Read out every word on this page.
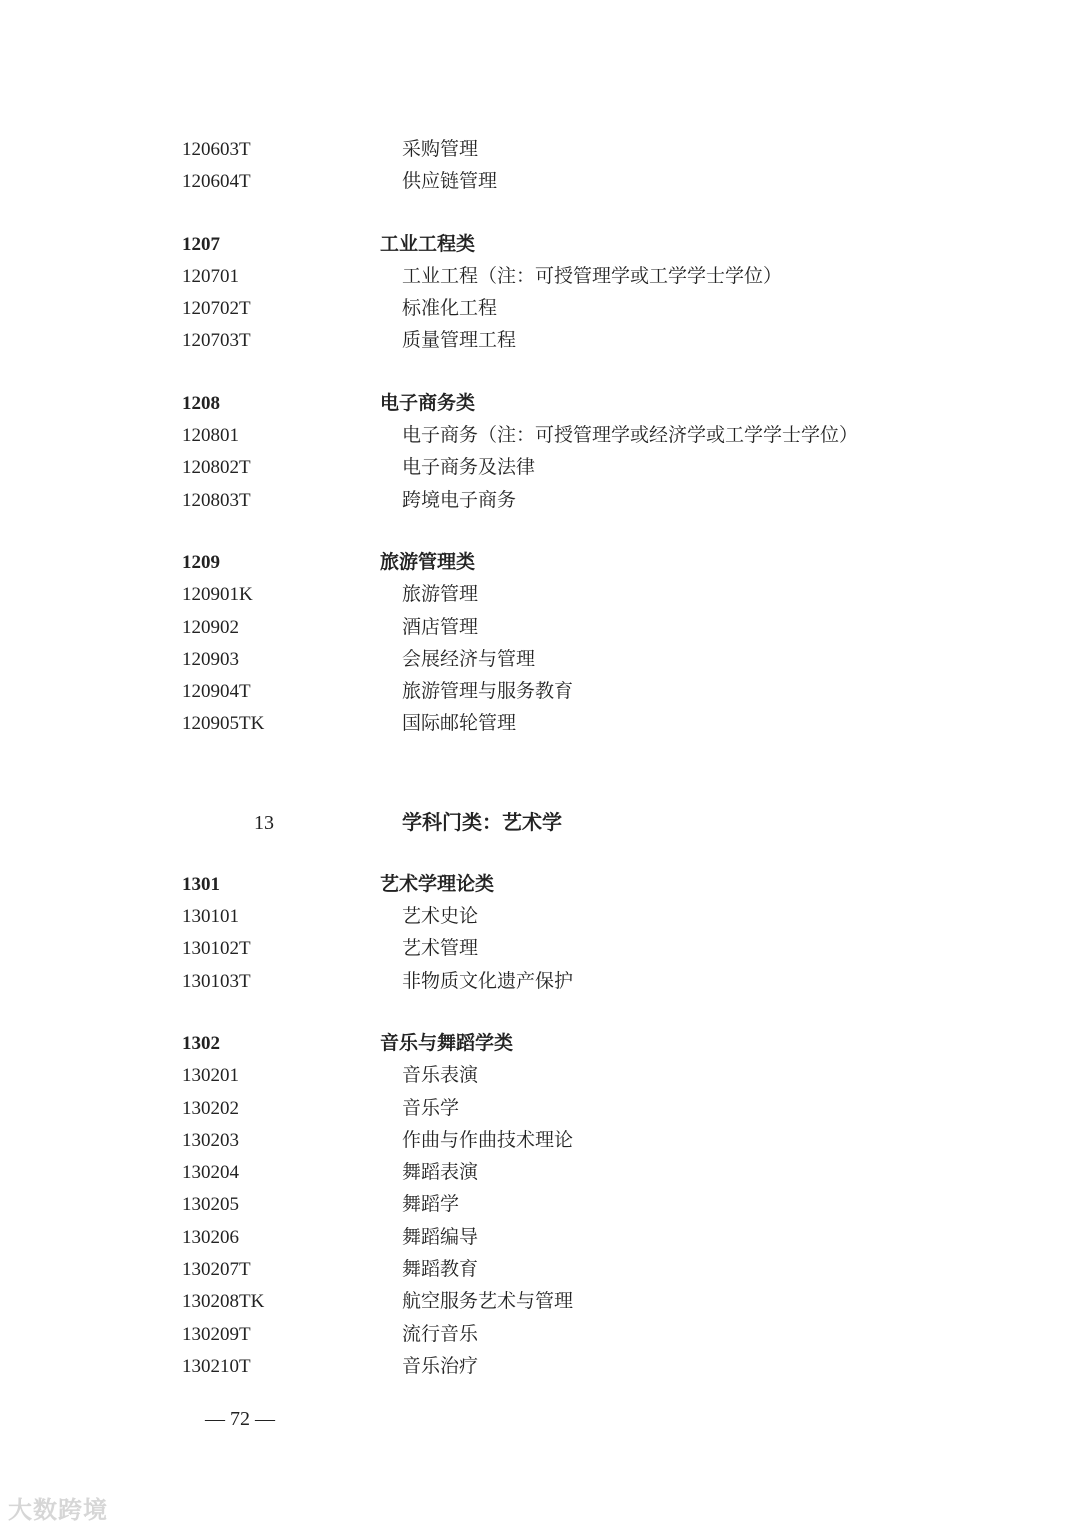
120603T	采购管理
120604T	供应链管理
1207	工业工程类
120701	工业工程（注：可授管理学或工学学士学位）
120702T	标准化工程
120703T	质量管理工程
1208	电子商务类
120801	电子商务（注：可授管理学或经济学或工学学士学位）
120802T	电子商务及法律
120803T	跨境电子商务
1209	旅游管理类
120901K	旅游管理
120902	酒店管理
120903	会展经济与管理
120904T	旅游管理与服务教育
120905TK	国际邮轮管理
13	学科门类：艺术学
1301	艺术学理论类
130101	艺术史论
130102T	艺术管理
130103T	非物质文化遗产保护
1302	音乐与舞蹈学类
130201	音乐表演
130202	音乐学
130203	作曲与作曲技术理论
130204	舞蹈表演
130205	舞蹈学
130206	舞蹈编导
130207T	舞蹈教育
130208TK	航空服务艺术与管理
130209T	流行音乐
130210T	音乐治疗
— 72 —
大数跨境
